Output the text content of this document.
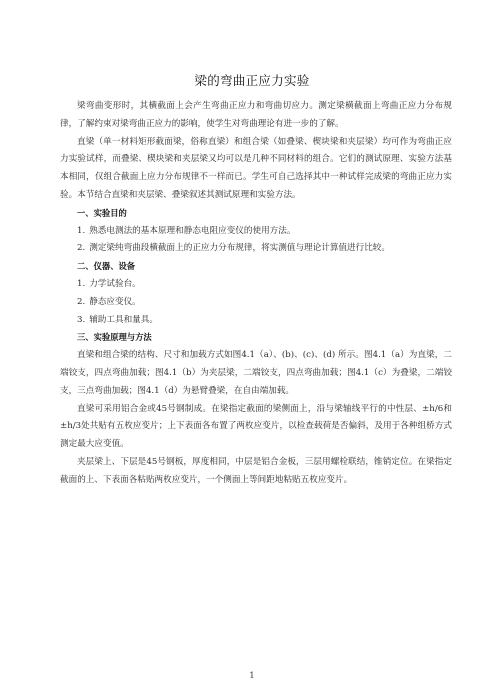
梁的弯曲正应力实验

梁弯曲变形时，其横截面上会产生弯曲正应力和弯曲切应力。测定梁横截面上弯曲正应力分布规律，了解约束对梁弯曲正应力的影响，使学生对弯曲理论有进一步的了解。

直梁（单一材料矩形截面梁，俗称直梁）和组合梁（如叠梁、楔块梁和夹层梁）均可作为弯曲正应力实验试样，而叠梁、楔块梁和夹层梁又均可以是几种不同材料的组合。它们的测试原理、实验方法基本相同，仅组合截面上应力分布规律不一样而已。学生可自己选择其中一种试样完成梁的弯曲正应力实验。本节结合直梁和夹层梁、叠梁叙述其测试原理和实验方法。

一、实验目的

1. 熟悉电测法的基本原理和静态电阻应变仪的使用方法。

2. 测定梁纯弯曲段横截面上的正应力分布规律，将实测值与理论计算值进行比较。

二、仪器、设备

1. 力学试验台。

2. 静态应变仪。

3. 辅助工具和量具。

三、实验原理与方法

直梁和组合梁的结构、尺寸和加载方式如图4.1（a）、(b)、(c)、(d) 所示。图4.1（a）为直梁，二端铰支，四点弯曲加载；图4.1（b）为夹层梁，二端铰支，四点弯曲加载；图4.1（c）为叠梁，二端铰支，三点弯曲加载；图4.1（d）为悬臂叠梁，在自由端加载。

直梁可采用铝合金或45号钢制成。在梁指定截面的梁侧面上，沿与梁轴线平行的中性层、±h/6和±h/3处共贴有五枚应变片；上下表面各布置了两枚应变片，以检查载荷是否偏斜，及用于各种组桥方式测定最大应变值。

夹层梁上、下层是45号钢板，厚度相同，中层是铝合金板，三层用螺栓联结，锥销定位。在梁指定截面的上、下表面各粘贴两枚应变片，一个侧面上等间距地粘贴五枚应变片。

1
